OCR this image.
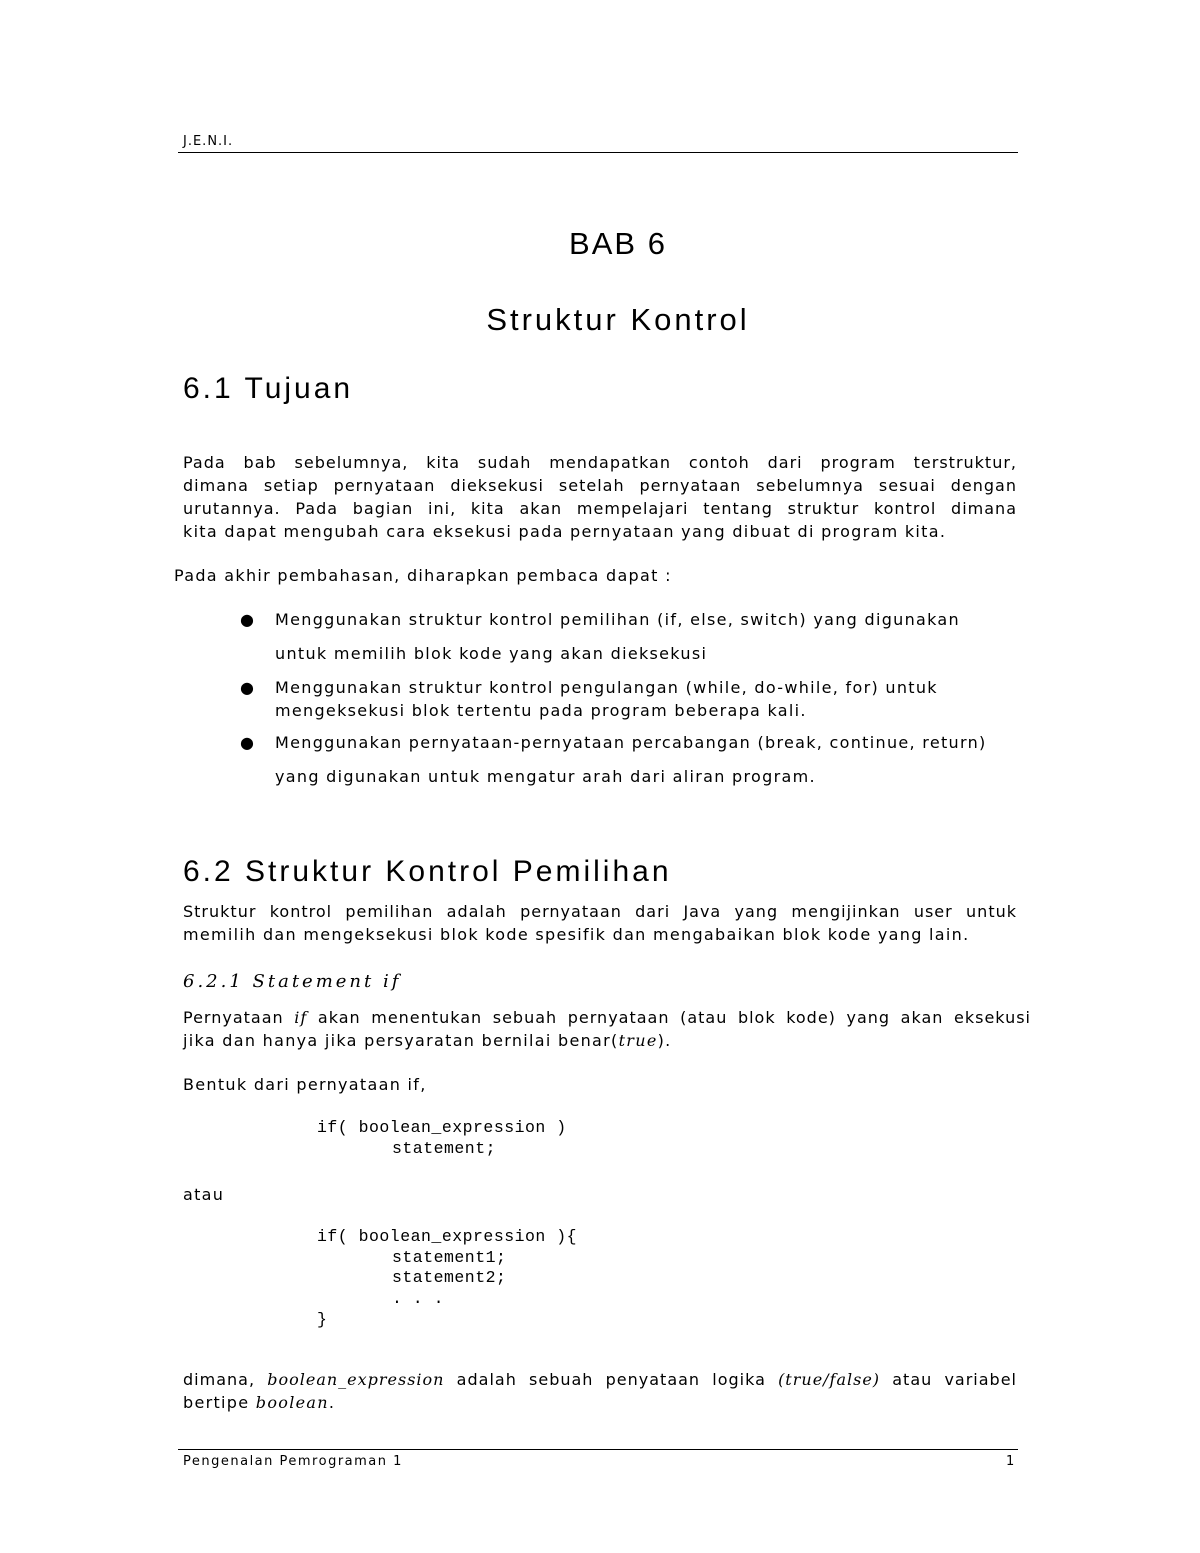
J.E.N.I.
BAB 6
Struktur Kontrol
6.1 Tujuan
Pada bab sebelumnya, kita sudah mendapatkan contoh dari program terstruktur,
dimana setiap pernyataan dieksekusi setelah pernyataan sebelumnya sesuai dengan
urutannya. Pada bagian ini, kita akan mempelajari tentang struktur kontrol dimana
kita dapat mengubah cara eksekusi pada pernyataan yang dibuat di program kita.
Pada akhir pembahasan, diharapkan pembaca dapat :
● Menggunakan struktur kontrol pemilihan (if, else, switch) yang digunakan
untuk memilih blok kode yang akan dieksekusi
● Menggunakan struktur kontrol pengulangan (while, do-while, for) untuk
mengeksekusi blok tertentu pada program beberapa kali.
● Menggunakan pernyataan-pernyataan percabangan (break, continue, return)
yang digunakan untuk mengatur arah dari aliran program.
6.2 Struktur Kontrol Pemilihan
Struktur kontrol pemilihan adalah pernyataan dari Java yang mengijinkan user untuk
memilih dan mengeksekusi blok kode spesifik dan mengabaikan blok kode yang lain.
6.2.1 Statement if
Pernyataan if akan menentukan sebuah pernyataan (atau blok kode) yang akan eksekusi
jika dan hanya jika persyaratan bernilai benar(true).
Bentuk dari pernyataan if,
if( boolean_expression )
statement;
atau
if( boolean_expression ){
statement1;
statement2;
. . .
}
dimana, boolean_expression adalah sebuah penyataan logika (true/false) atau variabel
bertipe boolean.
Pengenalan Pemrograman 1	1
